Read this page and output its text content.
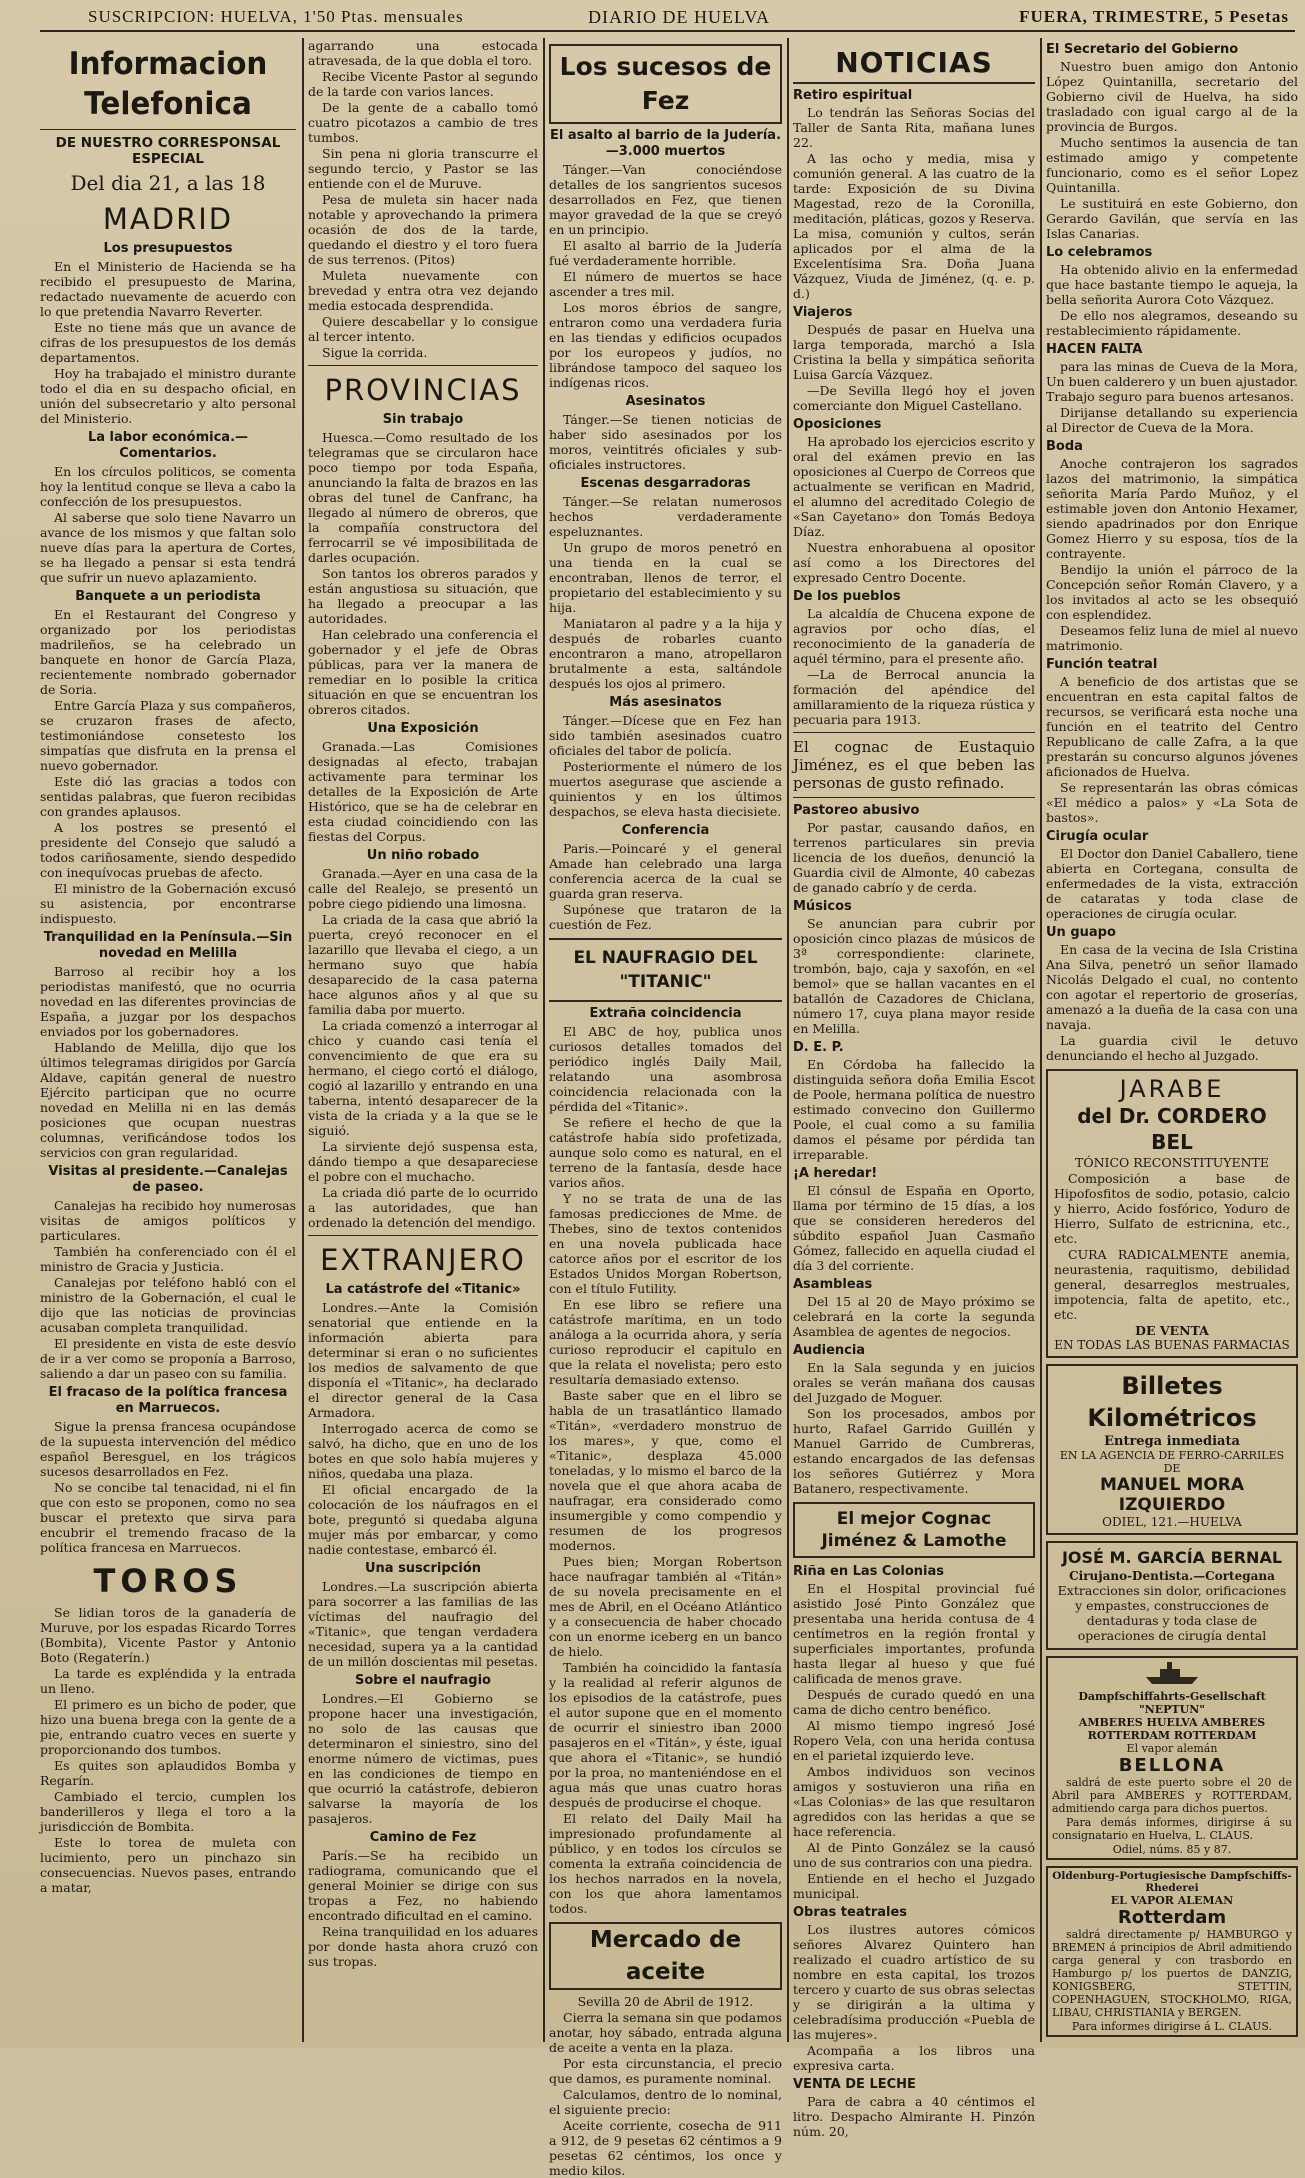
SUSCRIPCION: HUELVA, 1'50 Ptas. mensuales	DIARIO DE HUELVA	FUERA, TRIMESTRE, 5 Pesetas
Informacion Telefonica
DE NUESTRO CORRESPONSAL ESPECIAL
Del dia 21, a las 18
MADRID
Los presupuestos

En el Ministerio de Hacienda se ha recibido el presupuesto de Marina, redactado nuevamente de acuerdo con lo que pretendia Navarro Reverter.

Este no tiene más que un avance de cifras de los presupuestos de los demás departamentos.

Hoy ha trabajado el ministro durante todo el dia en su despacho oficial, en unión del subsecretario y alto personal del Ministerio.

La labor económica.—Comentarios.

En los círculos politicos, se comenta hoy la lentitud conque se lleva a cabo la confección de los presupuestos.

Al saberse que solo tiene Navarro un avance de los mismos y que faltan solo nueve días para la apertura de Cortes, se ha llegado a pensar si esta tendrá que sufrir un nuevo aplazamiento.

Banquete a un periodista

En el Restaurant del Congreso y organizado por los periodistas madrileños, se ha celebrado un banquete en honor de García Plaza, recientemente nombrado gobernador de Soria.

Entre García Plaza y sus compañeros, se cruzaron frases de afecto, testimoniándose consetesto los simpatías que disfruta en la prensa el nuevo gobernador.

Este dió las gracias a todos con sentidas palabras, que fueron recibidas con grandes aplausos.

A los postres se presentó el presidente del Consejo que saludó a todos cariñosamente, siendo despedido con inequívocas pruebas de afecto.

El ministro de la Gobernación excusó su asistencia, por encontrarse indispuesto.

Tranquilidad en la Península.—Sin novedad en Melilla

Barroso al recibir hoy a los periodistas manifestó, que no ocurria novedad en las diferentes provincias de España, a juzgar por los despachos enviados por los gobernadores.

Hablando de Melilla, dijo que los últimos telegramas dirigidos por García Aldave, capitán general de nuestro Ejército participan que no ocurre novedad en Melilla ni en las demás posiciones que ocupan nuestras columnas, verificándose todos los servicios con gran regularidad.

Visitas al presidente.—Canalejas de paseo.

Canalejas ha recibido hoy numerosas visitas de amigos políticos y particulares.

También ha conferenciado con él el ministro de Gracia y Justicia.

Canalejas por teléfono habló con el ministro de la Gobernación, el cual le dijo que las noticias de provincias acusaban completa tranquilidad.

El presidente en vista de este desvío de ir a ver como se proponía a Barroso, saliendo a dar un paseo con su familia.

El fracaso de la política francesa en Marruecos.

Sigue la prensa francesa ocupándose de la supuesta intervención del médico español Beresguel, en los trágicos sucesos desarrollados en Fez.

No se concibe tal tenacidad, ni el fin que con esto se proponen, como no sea buscar el pretexto que sirva para encubrir el tremendo fracaso de la política francesa en Marruecos.

TOROS

Se lidian toros de la ganadería de Muruve, por los espadas Ricardo Torres (Bombita), Vicente Pastor y Antonio Boto (Regaterín.)

La tarde es expléndida y la entrada un lleno.

El primero es un bicho de poder, que hizo una buena brega con la gente de a pie, entrando cuatro veces en suerte y proporcionando dos tumbos.

Es quites son aplaudidos Bomba y Regarín.

Cambiado el tercio, cumplen los banderilleros y llega el toro a la jurisdicción de Bombita.

Este lo torea de muleta con lucimiento, pero un pinchazo sin consecuencias. Nuevos pases, entrando a matar,

agarrando una estocada atravesada, de la que dobla el toro.

Recibe Vicente Pastor al segundo de la tarde con varios lances.

De la gente de a caballo tomó cuatro picotazos a cambio de tres tumbos.

Sin pena ni gloria transcurre el segundo tercio, y Pastor se las entiende con el de Muruve.

Pesa de muleta sin hacer nada notable y aprovechando la primera ocasión de dos de la tarde, quedando el diestro y el toro fuera de sus terrenos. (Pitos)

Muleta nuevamente con brevedad y entra otra vez dejando media estocada desprendida.

Quiere descabellar y lo consigue al tercer intento.

Sigue la corrida.

PROVINCIAS
Sin trabajo

Huesca.—Como resultado de los telegramas que se circularon hace poco tiempo por toda España, anunciando la falta de brazos en las obras del tunel de Canfranc, ha llegado al número de obreros, que la compañía constructora del ferrocarril se vé imposibilitada de darles ocupación.

Son tantos los obreros parados y están angustiosa su situación, que ha llegado a preocupar a las autoridades.

Han celebrado una conferencia el gobernador y el jefe de Obras públicas, para ver la manera de remediar en lo posible la critica situación en que se encuentran los obreros citados.

Una Exposición

Granada.—Las Comisiones designadas al efecto, trabajan activamente para terminar los detalles de la Exposición de Arte Histórico, que se ha de celebrar en esta ciudad coincidiendo con las fiestas del Corpus.

Un niño robado

Granada.—Ayer en una casa de la calle del Realejo, se presentó un pobre ciego pidiendo una limosna.

La criada de la casa que abrió la puerta, creyó reconocer en el lazarillo que llevaba el ciego, a un hermano suyo que había desaparecido de la casa paterna hace algunos años y al que su familia daba por muerto.

La criada comenzó a interrogar al chico y cuando casi tenía el convencimiento de que era su hermano, el ciego cortó el diálogo, cogió al lazarillo y entrando en una taberna, intentó desaparecer de la vista de la criada y a la que se le siguió.

La sirviente dejó suspensa esta, dándo tiempo a que desapareciese el pobre con el muchacho.

La criada dió parte de lo ocurrido a las autoridades, que han ordenado la detención del mendigo.

EXTRANJERO
La catástrofe del «Titanic»

Londres.—Ante la Comisión senatorial que entiende en la información abierta para determinar si eran o no suficientes los medios de salvamento de que disponía el «Titanic», ha declarado el director general de la Casa Armadora.

Interrogado acerca de como se salvó, ha dicho, que en uno de los botes en que solo había mujeres y niños, quedaba una plaza.

El oficial encargado de la colocación de los náufragos en el bote, preguntó si quedaba alguna mujer más por embarcar, y como nadie contestase, embarcó él.

Una suscripción

Londres.—La suscripción abierta para socorrer a las familias de las víctimas del naufragio del «Titanic», que tengan verdadera necesidad, supera ya a la cantidad de un millón doscientas mil pesetas.

Sobre el naufragio

Londres.—El Gobierno se propone hacer una investigación, no solo de las causas que determinaron el siniestro, sino del enorme número de victimas, pues en las condiciones de tiempo en que ocurrió la catástrofe, debieron salvarse la mayoría de los pasajeros.

Camino de Fez

París.—Se ha recibido un radiograma, comunicando que el general Moinier se dirige con sus tropas a Fez, no habiendo encontrado dificultad en el camino.

Reina tranquilidad en los aduares por donde hasta ahora cruzó con sus tropas.

Los sucesos de Fez
El asalto al barrio de la Judería.—3.000 muertos

Tánger.—Van conociéndose detalles de los sangrientos sucesos desarrollados en Fez, que tienen mayor gravedad de la que se creyó en un principio.

El asalto al barrio de la Judería fué verdaderamente horrible.

El número de muertos se hace ascender a tres mil.

Los moros ébrios de sangre, entraron como una verdadera furia en las tiendas y edificios ocupados por los europeos y judíos, no librándose tampoco del saqueo los indígenas ricos.

Asesinatos

Tánger.—Se tienen noticias de haber sido asesinados por los moros, veintitrés oficiales y sub-oficiales instructores.

Escenas desgarradoras

Tánger.—Se relatan numerosos hechos verdaderamente espeluznantes.

Un grupo de moros penetró en una tienda en la cual se encontraban, llenos de terror, el propietario del establecimiento y su hija.

Maniataron al padre y a la hija y después de robarles cuanto encontraron a mano, atropellaron brutalmente a esta, saltándole después los ojos al primero.

Más asesinatos

Tánger.—Dícese que en Fez han sido también asesinados cuatro oficiales del tabor de policía.

Posteriormente el número de los muertos asegurase que asciende a quinientos y en los últimos despachos, se eleva hasta diecisiete.

Conferencia

Paris.—Poincaré y el general Amade han celebrado una larga conferencia acerca de la cual se guarda gran reserva.

Supónese que trataron de la cuestión de Fez.

EL NAUFRAGIO DEL "TITANIC"
Extraña coincidencia

El ABC de hoy, publica unos curiosos detalles tomados del periódico inglés Daily Mail, relatando una asombrosa coincidencia relacionada con la pérdida del «Titanic».

Se refiere el hecho de que la catástrofe había sido profetizada, aunque solo como es natural, en el terreno de la fantasía, desde hace varios años.

Y no se trata de una de las famosas predicciones de Mme. de Thebes, sino de textos contenidos en una novela publicada hace catorce años por el escritor de los Estados Unidos Morgan Robertson, con el título Futility.

En ese libro se refiere una catástrofe marítima, en un todo análoga a la ocurrida ahora, y sería curioso reproducir el capitulo en que la relata el novelista; pero esto resultaría demasiado extenso.

Baste saber que en el libro se habla de un trasatlántico llamado «Titán», «verdadero monstruo de los mares», y que, como el «Titanic», desplaza 45.000 toneladas, y lo mismo el barco de la novela que el que ahora acaba de naufragar, era considerado como insumergible y como compendio y resumen de los progresos modernos.

Pues bien; Morgan Robertson hace naufragar también al «Titán» de su novela precisamente en el mes de Abril, en el Océano Atlántico y a consecuencia de haber chocado con un enorme iceberg en un banco de hielo.

También ha coincidido la fantasía y la realidad al referir algunos de los episodios de la catástrofe, pues el autor supone que en el momento de ocurrir el siniestro iban 2000 pasajeros en el «Titán», y éste, igual que ahora el «Titanic», se hundió por la proa, no manteniéndose en el agua más que unas cuatro horas después de producirse el choque.

El relato del Daily Mail ha impresionado profundamente al público, y en todos los círculos se comenta la extraña coincidencia de los hechos narrados en la novela, con los que ahora lamentamos todos.

Mercado de aceite

Sevilla 20 de Abril de 1912.

Cierra la semana sin que podamos anotar, hoy sábado, entrada alguna de aceite a venta en la plaza.

Por esta circunstancia, el precio que damos, es puramente nominal.

Calculamos, dentro de lo nominal, el siguiente precio:

Aceite corriente, cosecha de 911 a 912, de 9 pesetas 62 céntimos a 9 pesetas 62 céntimos, los once y medio kilos.

NOTICIAS
Retiro espiritual

Lo tendrán las Señoras Socias del Taller de Santa Rita, mañana lunes 22.

A las ocho y media, misa y comunión general. A las cuatro de la tarde: Exposición de su Divina Magestad, rezo de la Coronilla, meditación, pláticas, gozos y Reserva. La misa, comunión y cultos, serán aplicados por el alma de la Excelentísima Sra. Doña Juana Vázquez, Viuda de Jiménez, (q. e. p. d.)

Viajeros

Después de pasar en Huelva una larga temporada, marchó a Isla Cristina la bella y simpática señorita Luisa García Vázquez.

—De Sevilla llegó hoy el joven comerciante don Miguel Castellano.

Oposiciones

Ha aprobado los ejercicios escrito y oral del exámen previo en las oposiciones al Cuerpo de Correos que actualmente se verifican en Madrid, el alumno del acreditado Colegio de «San Cayetano» don Tomás Bedoya Díaz.

Nuestra enhorabuena al opositor así como a los Directores del expresado Centro Docente.

De los pueblos

La alcaldía de Chucena expone de agravios por ocho días, el reconocimiento de la ganadería de aquél término, para el presente año.

—La de Berrocal anuncia la formación del apéndice del amillaramiento de la riqueza rústica y pecuaria para 1913.

El cognac de Eustaquio Jiménez, es el que beben las personas de gusto refinado.

Pastoreo abusivo

Por pastar, causando daños, en terrenos particulares sin previa licencia de los dueños, denunció la Guardia civil de Almonte, 40 cabezas de ganado cabrío y de cerda.

Músicos

Se anuncian para cubrir por oposición cinco plazas de músicos de 3ª correspondiente: clarinete, trombón, bajo, caja y saxofón, en «el bemol» que se hallan vacantes en el batallón de Cazadores de Chiclana, número 17, cuya plana mayor reside en Melilla.

D. E. P.

En Córdoba ha fallecido la distinguida señora doña Emilia Escot de Poole, hermana política de nuestro estimado convecino don Guillermo Poole, el cual como a su familia damos el pésame por pérdida tan irreparable.

¡A heredar!

El cónsul de España en Oporto, llama por término de 15 días, a los que se consideren herederos del súbdito español Juan Casmaño Gómez, fallecido en aquella ciudad el día 3 del corriente.

Asambleas

Del 15 al 20 de Mayo próximo se celebrará en la corte la segunda Asamblea de agentes de negocios.

Audiencia

En la Sala segunda y en juicios orales se verán mañana dos causas del Juzgado de Moguer.

Son los procesados, ambos por hurto, Rafael Garrido Guillén y Manuel Garrido de Cumbreras, estando encargados de las defensas los señores Gutiérrez y Mora Batanero, respectivamente.

El mejor Cognac Jiménez & Lamothe
Riña en Las Colonias

En el Hospital provincial fué asistido José Pinto González que presentaba una herida contusa de 4 centímetros en la región frontal y superficiales importantes, profunda hasta llegar al hueso y que fué calificada de menos grave.

Después de curado quedó en una cama de dicho centro benéfico.

Al mismo tiempo ingresó José Ropero Vela, con una herida contusa en el parietal izquierdo leve.

Ambos individuos son vecinos amigos y sostuvieron una riña en «Las Colonias» de las que resultaron agredidos con las heridas a que se hace referencia.

Al de Pinto González se la causó uno de sus contrarios con una piedra.

Entiende en el hecho el Juzgado municipal.

Obras teatrales

Los ilustres autores cómicos señores Alvarez Quintero han realizado el cuadro artístico de su nombre en esta capital, los trozos tercero y cuarto de sus obras selectas y se dirigirán a la ultima y celebradísima producción «Puebla de las mujeres».

Acompaña a los libros una expresiva carta.

VENTA DE LECHE

Para de cabra a 40 céntimos el litro. Despacho Almirante H. Pinzón núm. 20,

El Secretario del Gobierno

Nuestro buen amigo don Antonio López Quintanilla, secretario del Gobierno civil de Huelva, ha sido trasladado con igual cargo al de la provincia de Burgos.

Mucho sentimos la ausencia de tan estimado amigo y competente funcionario, como es el señor Lopez Quintanilla.

Le sustituirá en este Gobierno, don Gerardo Gavilán, que servía en las Islas Canarias.

Lo celebramos

Ha obtenido alivio en la enfermedad que hace bastante tiempo le aqueja, la bella señorita Aurora Coto Vázquez.

De ello nos alegramos, deseando su restablecimiento rápidamente.

HACEN FALTA

para las minas de Cueva de la Mora, Un buen calderero y un buen ajustador. Trabajo seguro para buenos artesanos.

Dirijanse detallando su experiencia al Director de Cueva de la Mora.

Boda

Anoche contrajeron los sagrados lazos del matrimonio, la simpática señorita María Pardo Muñoz, y el estimable joven don Antonio Hexamer, siendo apadrinados por don Enrique Gomez Hierro y su esposa, tíos de la contrayente.

Bendijo la unión el párroco de la Concepción señor Román Clavero, y a los invitados al acto se les obsequió con esplendidez.

Deseamos feliz luna de miel al nuevo matrimonio.

Función teatral

A beneficio de dos artistas que se encuentran en esta capital faltos de recursos, se verificará esta noche una función en el teatrito del Centro Republicano de calle Zafra, a la que prestarán su concurso algunos jóvenes aficionados de Huelva.

Se representarán las obras cómicas «El médico a palos» y «La Sota de bastos».

Cirugía ocular

El Doctor don Daniel Caballero, tiene abierta en Cortegana, consulta de enfermedades de la vista, extracción de cataratas y toda clase de operaciones de cirugía ocular.

Un guapo

En casa de la vecina de Isla Cristina Ana Silva, penetró un señor llamado Nicolás Delgado el cual, no contento con agotar el repertorio de groserías, amenazó a la dueña de la casa con una navaja.

La guardia civil le detuvo denunciando el hecho al Juzgado.

JARABE
del Dr. CORDERO BEL
TÓNICO RECONSTITUYENTE

Composición a base de Hipofosfitos de sodio, potasio, calcio y hierro, Acido fosfórico, Yoduro de Hierro, Sulfato de estricnina, etc., etc.

CURA RADICALMENTE anemia, neurastenia, raquitismo, debilidad general, desarreglos mestruales, impotencia, falta de apetito, etc., etc.

DE VENTA
EN TODAS LAS BUENAS FARMACIAS
Billetes Kilométricos
Entrega inmediata
EN LA AGENCIA DE FERRO-CARRILES DE
MANUEL MORA IZQUIERDO
ODIEL, 121.—HUELVA
JOSÉ M. GARCÍA BERNAL
Cirujano-Dentista.—Cortegana

Extracciones sin dolor, orificaciones y empastes, construcciones de dentaduras y toda clase de operaciones de cirugía dental

Dampfschiffahrts-Gesellschaft "NEPTUN"
AMBERES HUELVA AMBERES
ROTTERDAM ROTTERDAM
El vapor alemán
BELLONA

saldrá de este puerto sobre el 20 de Abril para AMBERES y ROTTERDAM, admitiendo carga para dichos puertos.

Para demás informes, dirigirse á su consignatario en Huelva, L. CLAUS.

Odiel, núms. 85 y 87.
Oldenburg-Portugiesische Dampfschiffs-Rhederei
EL VAPOR ALEMAN
Rotterdam

saldrá directamente p/ HAMBURGO y BREMEN á principios de Abril admitiendo carga general y con trasbordo en Hamburgo p/ los puertos de DANZIG, KONIGSBERG, STETTIN, COPENHAGUEN, STOCKHOLMO, RIGA, LIBAU, CHRISTIANIA y BERGEN.

Para informes dirigirse á L. CLAUS.
